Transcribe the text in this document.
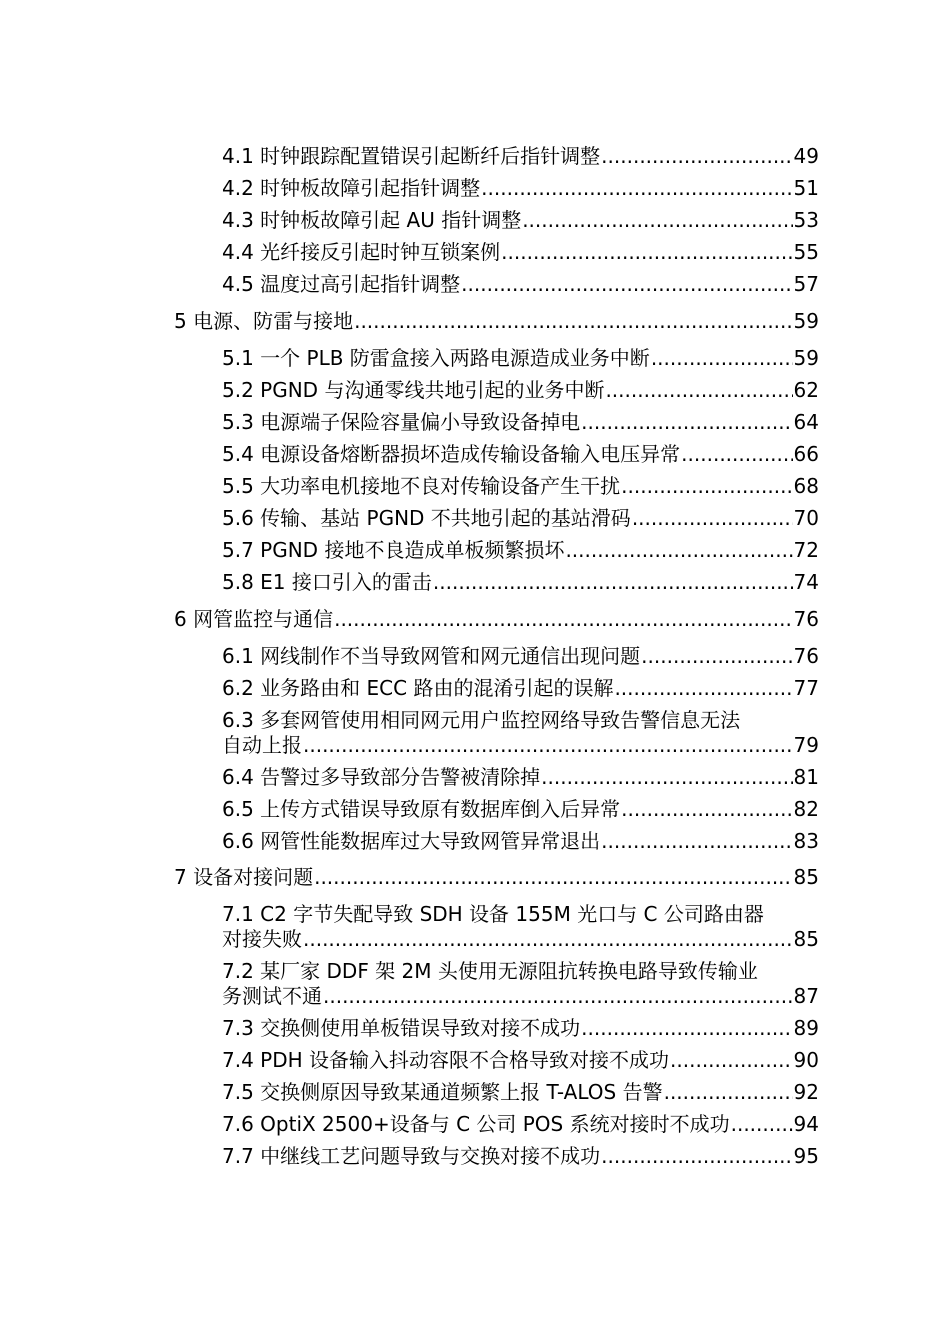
4.1 时钟跟踪配置错误引起断纤后指针调整 .....	49
4.2 时钟板故障引起指针调整 .....	51
4.3 时钟板故障引起 AU 指针调整 .....	53
4.4 光纤接反引起时钟互锁案例 .....	55
4.5 温度过高引起指针调整 .....	57
5 电源、防雷与接地 .....	59
5.1 一个 PLB 防雷盒接入两路电源造成业务中断 .....	59
5.2 PGND 与沟通零线共地引起的业务中断 .....	62
5.3 电源端子保险容量偏小导致设备掉电 .....	64
5.4 电源设备熔断器损坏造成传输设备输入电压异常 .....	66
5.5 大功率电机接地不良对传输设备产生干扰 .....	68
5.6 传输、基站 PGND 不共地引起的基站滑码 .....	70
5.7 PGND 接地不良造成单板频繁损坏 .....	72
5.8 E1 接口引入的雷击 .....	74
6 网管监控与通信 .....	76
6.1 网线制作不当导致网管和网元通信出现问题 .....	76
6.2 业务路由和 ECC 路由的混淆引起的误解 .....	77
6.3 多套网管使用相同网元用户监控网络导致告警信息无法
自动上报 .....	79
6.4 告警过多导致部分告警被清除掉 .....	81
6.5 上传方式错误导致原有数据库倒入后异常 .....	82
6.6 网管性能数据库过大导致网管异常退出 .....	83
7 设备对接问题 .....	85
7.1 C2 字节失配导致 SDH 设备 155M 光口与 C 公司路由器
对接失败 .....	85
7.2 某厂家 DDF 架 2M 头使用无源阻抗转换电路导致传输业
务测试不通 .....	87
7.3 交换侧使用单板错误导致对接不成功 .....	89
7.4 PDH 设备输入抖动容限不合格导致对接不成功 .....	90
7.5 交换侧原因导致某通道频繁上报 T-ALOS 告警 .....	92
7.6 OptiX 2500+设备与 C 公司 POS 系统对接时不成功 .....	94
7.7 中继线工艺问题导致与交换对接不成功 .....	95
